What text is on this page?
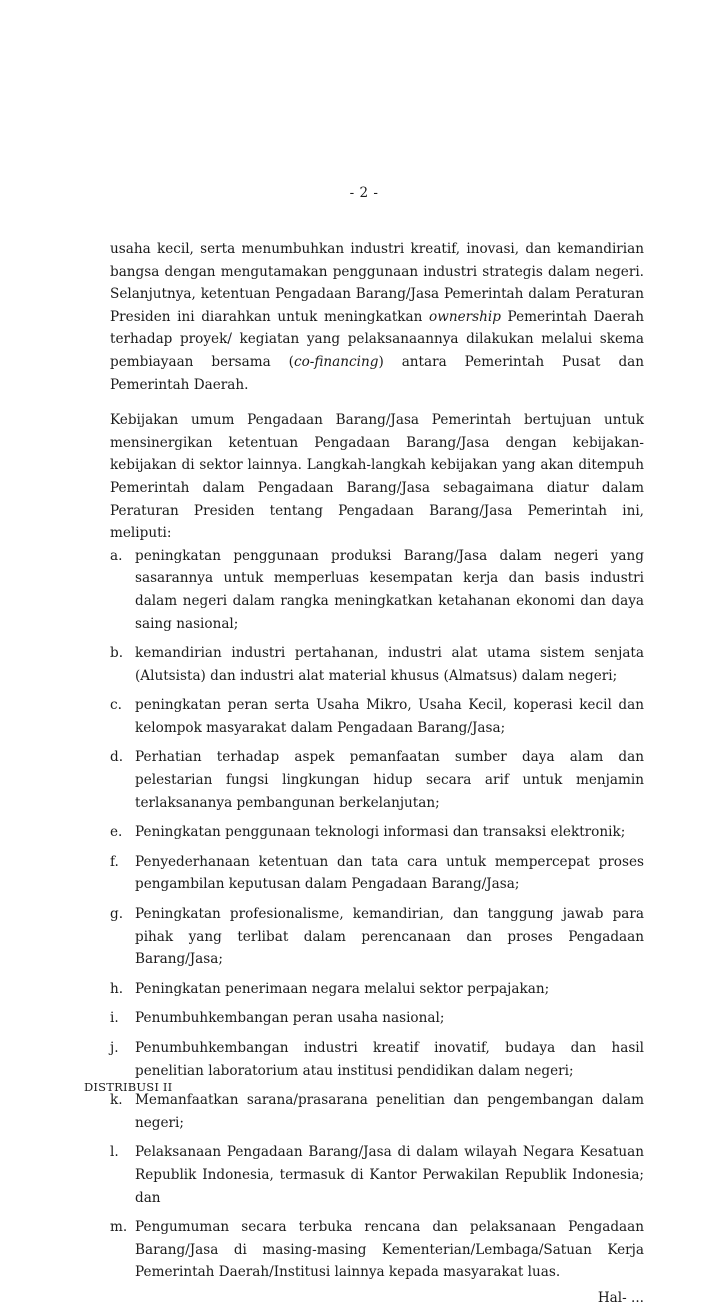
- 2 -

usaha kecil, serta menumbuhkan industri kreatif, inovasi, dan kemandirian bangsa dengan mengutamakan penggunaan industri strategis dalam negeri. Selanjutnya, ketentuan Pengadaan Barang/Jasa Pemerintah dalam Peraturan Presiden ini diarahkan untuk meningkatkan ownership Pemerintah Daerah terhadap proyek/ kegiatan yang pelaksanaannya dilakukan melalui skema pembiayaan bersama (co-financing) antara Pemerintah Pusat dan Pemerintah Daerah.

Kebijakan umum Pengadaan Barang/Jasa Pemerintah bertujuan untuk mensinergikan ketentuan Pengadaan Barang/Jasa dengan kebijakan-kebijakan di sektor lainnya. Langkah-langkah kebijakan yang akan ditempuh Pemerintah dalam Pengadaan Barang/Jasa sebagaimana diatur dalam Peraturan Presiden tentang Pengadaan Barang/Jasa Pemerintah ini, meliputi:

a. peningkatan penggunaan produksi Barang/Jasa dalam negeri yang sasarannya untuk memperluas kesempatan kerja dan basis industri dalam negeri dalam rangka meningkatkan ketahanan ekonomi dan daya saing nasional;
b. kemandirian industri pertahanan, industri alat utama sistem senjata (Alutsista) dan industri alat material khusus (Almatsus) dalam negeri;
c. peningkatan peran serta Usaha Mikro, Usaha Kecil, koperasi kecil dan kelompok masyarakat dalam Pengadaan Barang/Jasa;
d. Perhatian terhadap aspek pemanfaatan sumber daya alam dan pelestarian fungsi lingkungan hidup secara arif untuk menjamin terlaksananya pembangunan berkelanjutan;
e. Peningkatan penggunaan teknologi informasi dan transaksi elektronik;
f. Penyederhanaan ketentuan dan tata cara untuk mempercepat proses pengambilan keputusan dalam Pengadaan Barang/Jasa;
g. Peningkatan profesionalisme, kemandirian, dan tanggung jawab para pihak yang terlibat dalam perencanaan dan proses Pengadaan Barang/Jasa;
h. Peningkatan penerimaan negara melalui sektor perpajakan;
i. Penumbuhkembangan peran usaha nasional;
j. Penumbuhkembangan industri kreatif inovatif, budaya dan hasil penelitian laboratorium atau institusi pendidikan dalam negeri;
k. Memanfaatkan sarana/prasarana penelitian dan pengembangan dalam negeri;
l. Pelaksanaan Pengadaan Barang/Jasa di dalam wilayah Negara Kesatuan Republik Indonesia, termasuk di Kantor Perwakilan Republik Indonesia; dan
m. Pengumuman secara terbuka rencana dan pelaksanaan Pengadaan Barang/Jasa di masing-masing Kementerian/Lembaga/Satuan Kerja Pemerintah Daerah/Institusi lainnya kepada masyarakat luas.
Hal- ...
DISTRIBUSI II
